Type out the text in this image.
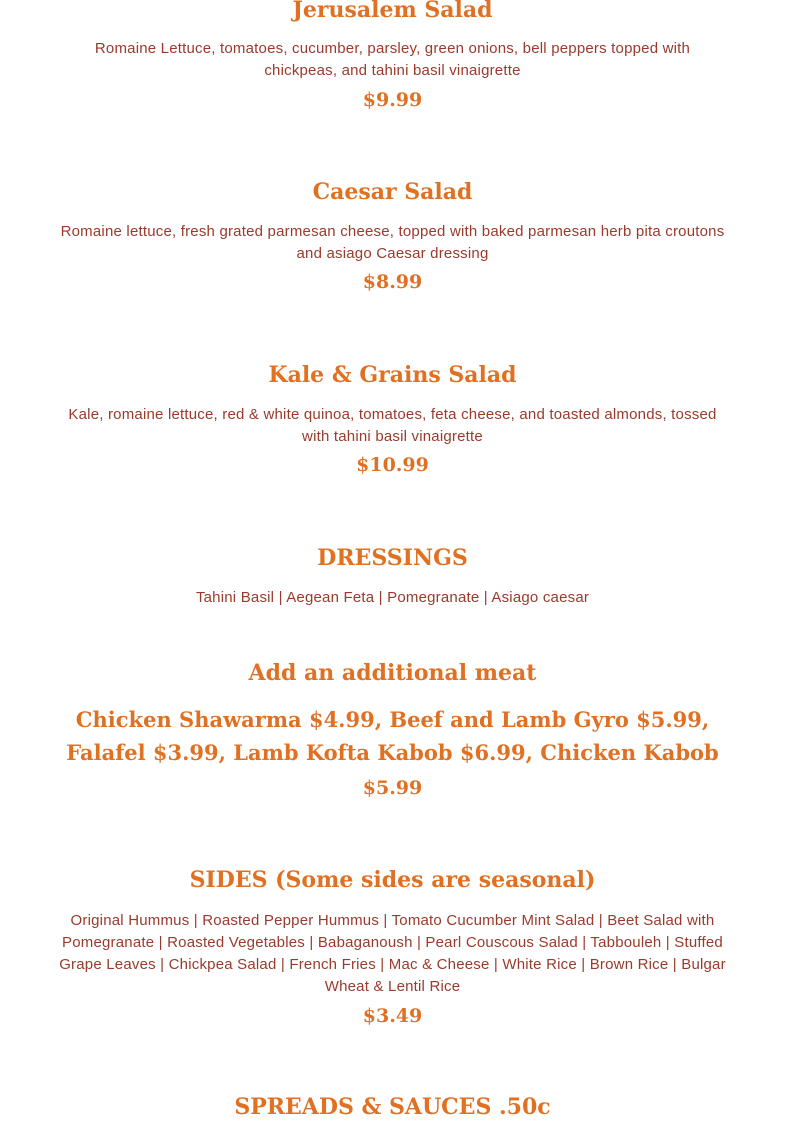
Jerusalem Salad
Romaine Lettuce, tomatoes, cucumber, parsley, green onions, bell peppers topped with chickpeas, and tahini basil vinaigrette
$9.99
Caesar Salad
Romaine lettuce, fresh grated parmesan cheese, topped with baked parmesan herb pita croutons and asiago Caesar dressing
$8.99
Kale & Grains Salad
Kale, romaine lettuce, red & white quinoa, tomatoes, feta cheese, and toasted almonds, tossed with tahini basil vinaigrette
$10.99
DRESSINGS
Tahini Basil | Aegean Feta | Pomegranate | Asiago caesar
Add an additional meat
Chicken Shawarma $4.99, Beef and Lamb Gyro $5.99, Falafel $3.99, Lamb Kofta Kabob $6.99, Chicken Kabob
$5.99
SIDES (Some sides are seasonal)
Original Hummus | Roasted Pepper Hummus | Tomato Cucumber Mint Salad | Beet Salad with Pomegranate | Roasted Vegetables | Babaganoush | Pearl Couscous Salad | Tabbouleh | Stuffed Grape Leaves | Chickpea Salad | French Fries | Mac & Cheese | White Rice | Brown Rice | Bulgar Wheat & Lentil Rice
$3.49
SPREADS & SAUCES .50c
